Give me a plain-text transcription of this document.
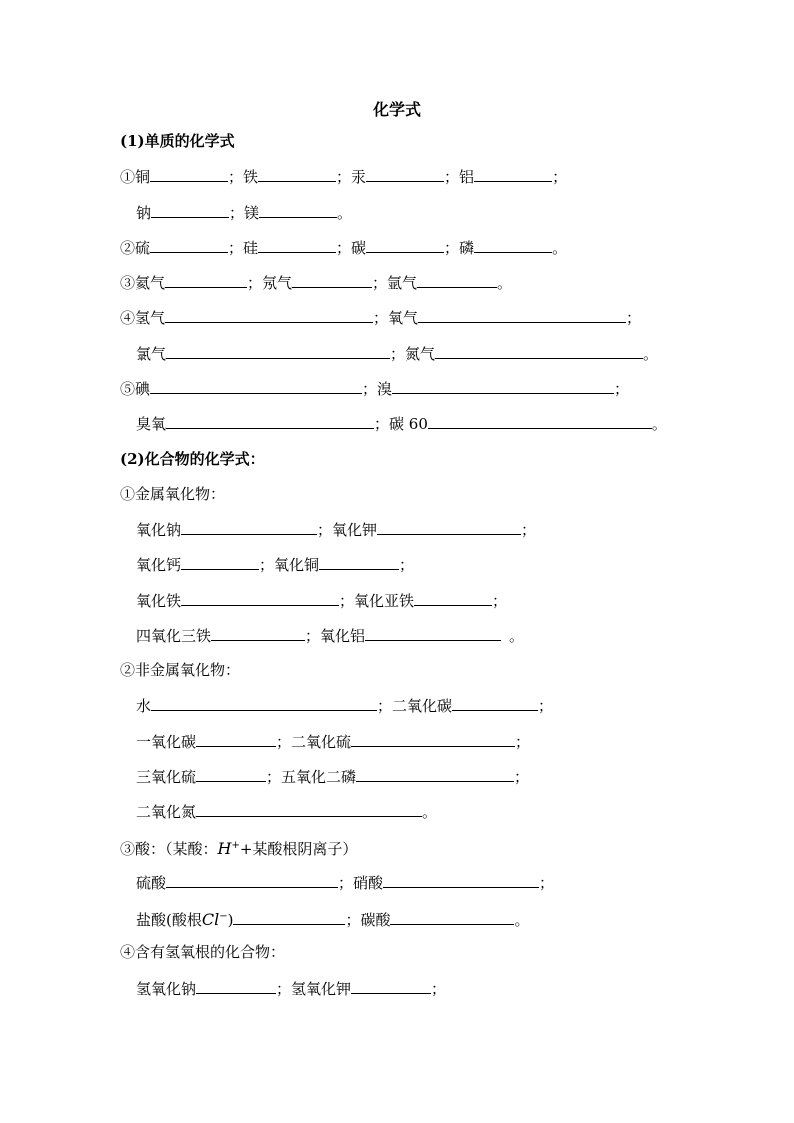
化学式
(1)单质的化学式
①铜	；铁	；汞	；铝	；
钠	；镁	。
②硫	；硅	；碳	；磷	。
③氦气	；氖气	；氩气	。
④氢气	；氧气	；
氯气	；氮气	。
⑤碘	；溴	；
臭氧	；碳 60	。
(2)化合物的化学式：
①金属氧化物：
氧化钠	；氧化钾	；
氧化钙	；氧化铜	；
氧化铁	；氧化亚铁	；
四氧化三铁	；氧化铝	。
②非金属氧化物：
水	；二氧化碳	；
一氧化碳	；二氧化硫	；
三氧化硫	；五氧化二磷	；
二氧化氮	。
③酸：（某酸：H++某酸根阴离子）
硫酸	；硝酸	；
盐酸(酸根Cl−)	；碳酸	。
④含有氢氧根的化合物：
氢氧化钠	；氢氧化钾	；
